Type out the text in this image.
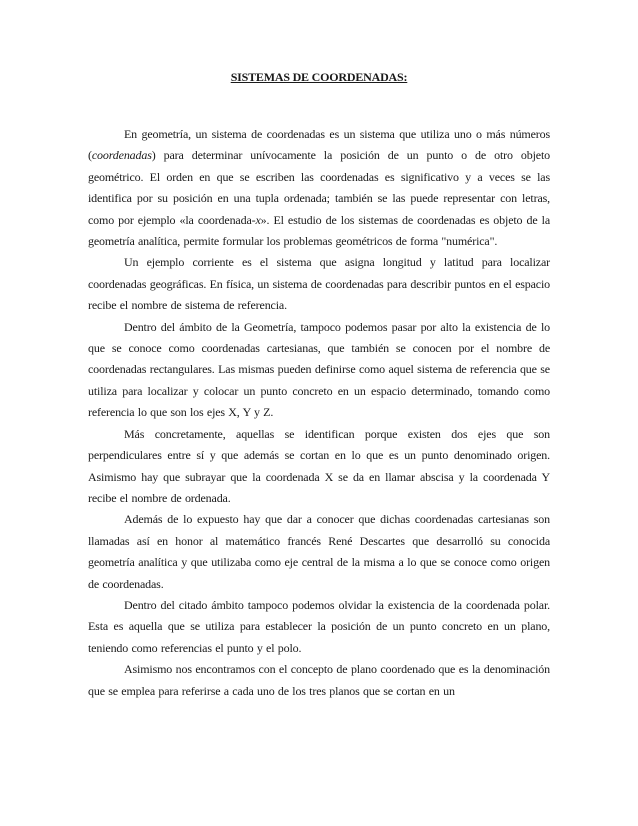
SISTEMAS DE COORDENADAS:

En geometría, un sistema de coordenadas es un sistema que utiliza uno o más números (coordenadas) para determinar unívocamente la posición de un punto o de otro objeto geométrico. El orden en que se escriben las coordenadas es significativo y a veces se las identifica por su posición en una tupla ordenada; también se las puede representar con letras, como por ejemplo «la coordenada-x». El estudio de los sistemas de coordenadas es objeto de la geometría analítica, permite formular los problemas geométricos de forma "numérica".

Un ejemplo corriente es el sistema que asigna longitud y latitud para localizar coordenadas geográficas. En física, un sistema de coordenadas para describir puntos en el espacio recibe el nombre de sistema de referencia.

Dentro del ámbito de la Geometría, tampoco podemos pasar por alto la existencia de lo que se conoce como coordenadas cartesianas, que también se conocen por el nombre de coordenadas rectangulares. Las mismas pueden definirse como aquel sistema de referencia que se utiliza para localizar y colocar un punto concreto en un espacio determinado, tomando como referencia lo que son los ejes X, Y y Z.

Más concretamente, aquellas se identifican porque existen dos ejes que son perpendiculares entre sí y que además se cortan en lo que es un punto denominado origen. Asimismo hay que subrayar que la coordenada X se da en llamar abscisa y la coordenada Y recibe el nombre de ordenada.

Además de lo expuesto hay que dar a conocer que dichas coordenadas cartesianas son llamadas así en honor al matemático francés René Descartes que desarrolló su conocida geometría analítica y que utilizaba como eje central de la misma a lo que se conoce como origen de coordenadas.

Dentro del citado ámbito tampoco podemos olvidar la existencia de la coordenada polar. Esta es aquella que se utiliza para establecer la posición de un punto concreto en un plano, teniendo como referencias el punto y el polo.

Asimismo nos encontramos con el concepto de plano coordenado que es la denominación que se emplea para referirse a cada uno de los tres planos que se cortan en un
